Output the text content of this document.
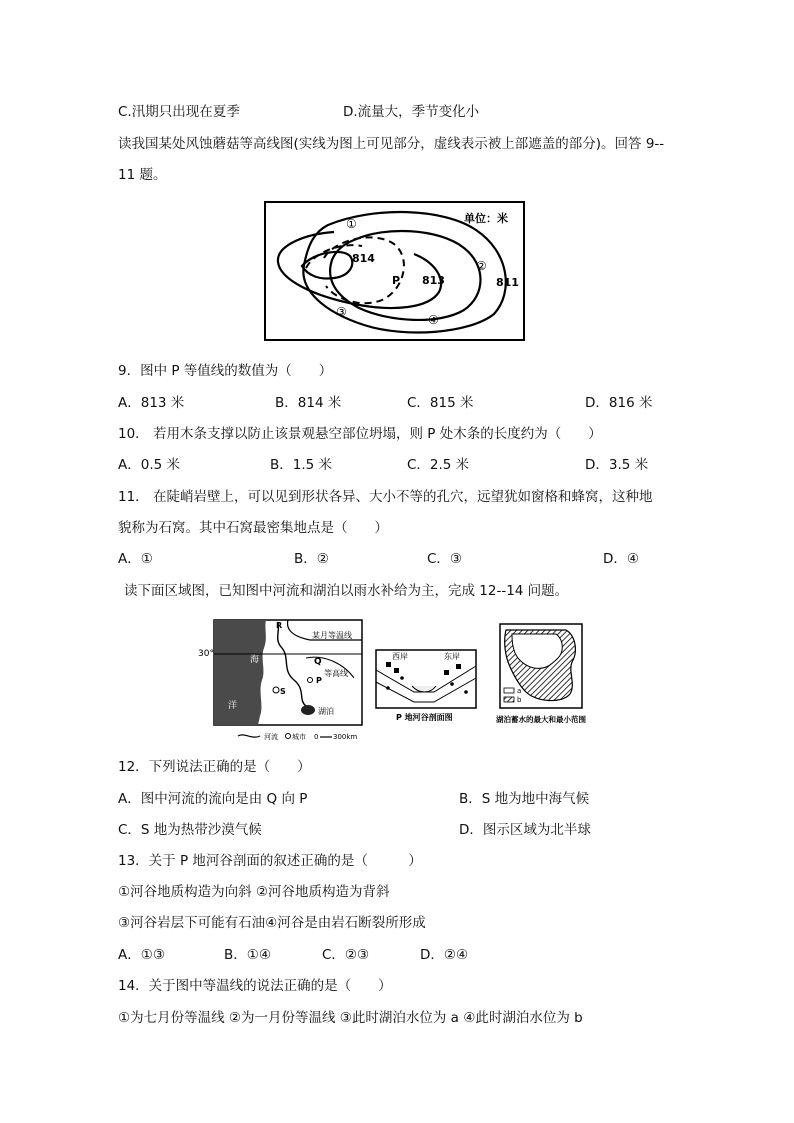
C.汛期只出现在夏季	D.流量大，季节变化小
读我国某处风蚀蘑菇等高线图(实线为图上可见部分，虚线表示被上部遮盖的部分)。回答 9--
11 题。
814
P 813	811
①
②
③
④
单位：米
9．图中 P 等值线的数值为（　　）
A．813 米	B．814 米	C．815 米	D．816 米
10． 若用木条支撑以防止该景观悬空部位坍塌，则 P 处木条的长度约为（　　）
A．0.5 米	B．1.5 米	C．2.5 米	D．3.5 米
11． 在陡峭岩壁上，可以见到形状各异、大小不等的孔穴，远望犹如窗格和蜂窝，这种地
貌称为石窝。其中石窝最密集地点是（　　）
A．①	B．②	C．③	D．④
读下面区域图，已知图中河流和湖泊以雨水补给为主，完成 12--14 问题。
海
洋
30°
某月等温线
等高线
R
Q
P
S
湖泊
河流 城市 0 300km
西岸	东岸
P 地河谷剖面图
a
b
湖泊蓄水的最大和最小范围
12．下列说法正确的是（　　）
A．图中河流的流向是由 Q 向 P	B．S 地为地中海气候
C．S 地为热带沙漠气候	D．图示区域为北半球
13．关于 P 地河谷剖面的叙述正确的是（　　　）
①河谷地质构造为向斜 ②河谷地质构造为背斜
③河谷岩层下可能有石油④河谷是由岩石断裂所形成
A．①③	B．①④	C．②③	D．②④
14．关于图中等温线的说法正确的是（　　）
①为七月份等温线 ②为一月份等温线 ③此时湖泊水位为 a ④此时湖泊水位为 b
